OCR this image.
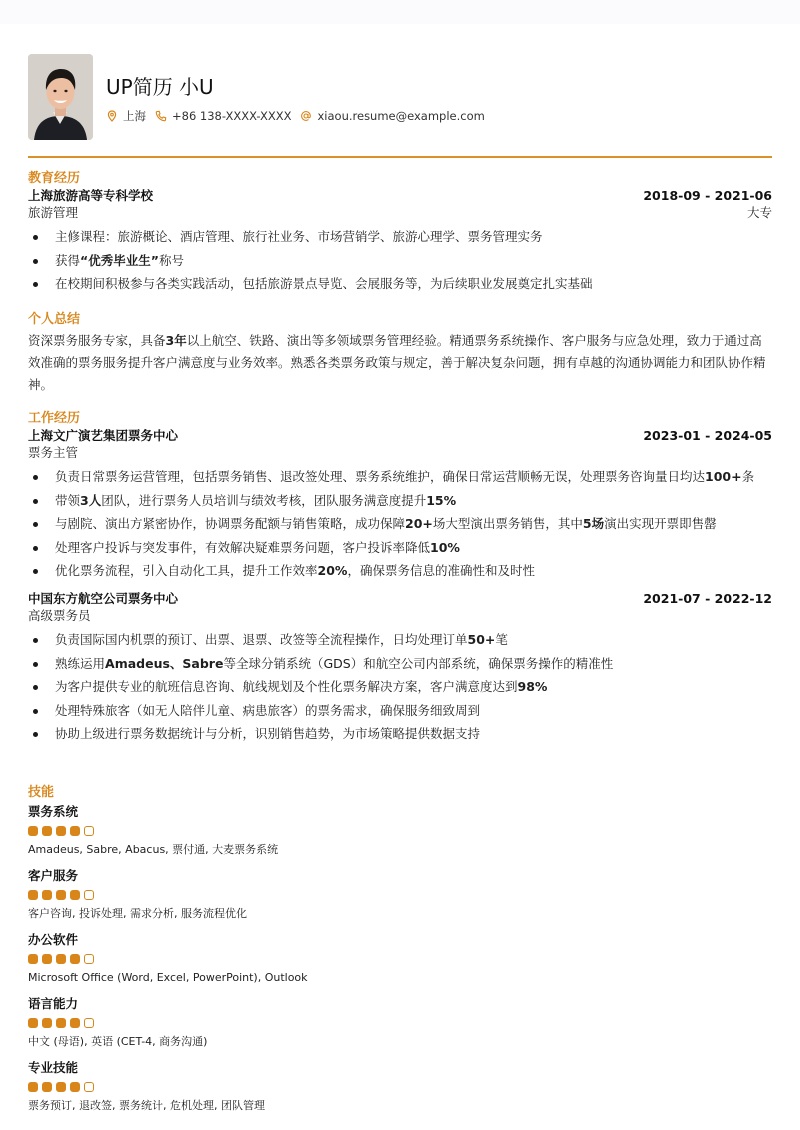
UP简历 小U
上海 +86 138-XXXX-XXXX xiaou.resume@example.com
教育经历
上海旅游高等专科学校	2018-09 - 2021-06
旅游管理	大专
主修课程：旅游概论、酒店管理、旅行社业务、市场营销学、旅游心理学、票务管理实务
获得“优秀毕业生”称号
在校期间积极参与各类实践活动，包括旅游景点导览、会展服务等，为后续职业发展奠定扎实基础
个人总结
资深票务服务专家，具备3年以上航空、铁路、演出等多领域票务管理经验。精通票务系统操作、客户服务与应急处理，致力于通过高效准确的票务服务提升客户满意度与业务效率。熟悉各类票务政策与规定，善于解决复杂问题，拥有卓越的沟通协调能力和团队协作精神。
工作经历
上海文广演艺集团票务中心	2023-01 - 2024-05
票务主管
负责日常票务运营管理，包括票务销售、退改签处理、票务系统维护，确保日常运营顺畅无误，处理票务咨询量日均达100+条
带领3人团队，进行票务人员培训与绩效考核，团队服务满意度提升15%
与剧院、演出方紧密协作，协调票务配额与销售策略，成功保障20+场大型演出票务销售，其中5场演出实现开票即售罄
处理客户投诉与突发事件，有效解决疑难票务问题，客户投诉率降低10%
优化票务流程，引入自动化工具，提升工作效率20%，确保票务信息的准确性和及时性
中国东方航空公司票务中心	2021-07 - 2022-12
高级票务员
负责国际国内机票的预订、出票、退票、改签等全流程操作，日均处理订单50+笔
熟练运用Amadeus、Sabre等全球分销系统（GDS）和航空公司内部系统，确保票务操作的精准性
为客户提供专业的航班信息咨询、航线规划及个性化票务解决方案，客户满意度达到98%
处理特殊旅客（如无人陪伴儿童、病患旅客）的票务需求，确保服务细致周到
协助上级进行票务数据统计与分析，识别销售趋势，为市场策略提供数据支持
技能
票务系统
Amadeus, Sabre, Abacus, 票付通, 大麦票务系统
客户服务
客户咨询, 投诉处理, 需求分析, 服务流程优化
办公软件
Microsoft Office (Word, Excel, PowerPoint), Outlook
语言能力
中文 (母语), 英语 (CET-4, 商务沟通)
专业技能
票务预订, 退改签, 票务统计, 危机处理, 团队管理
